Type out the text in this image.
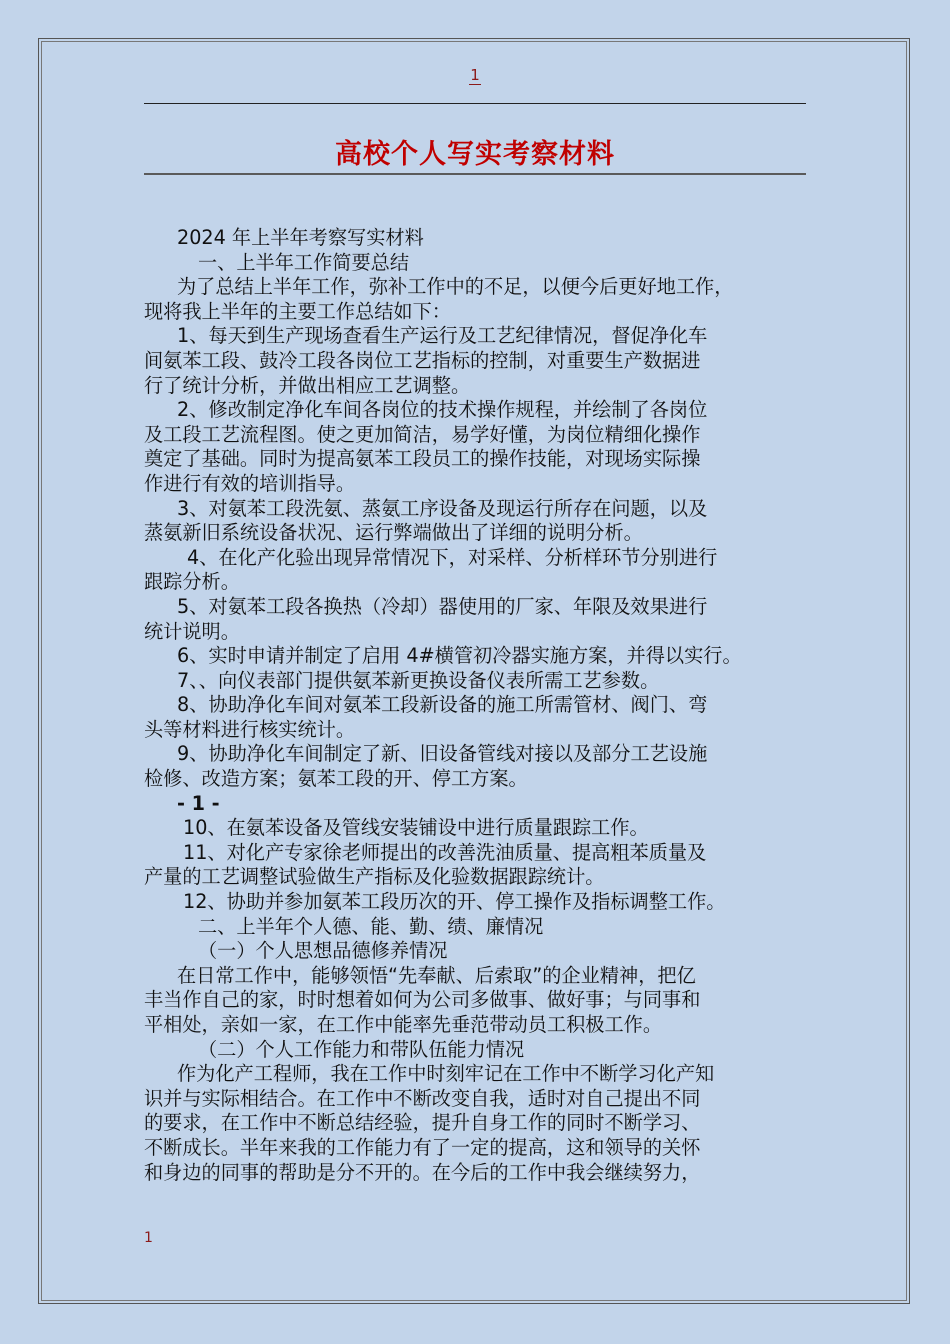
1
高校个人写实考察材料

2024 年上半年考察写实材料

一、上半年工作简要总结

为了总结上半年工作，弥补工作中的不足，以便今后更好地工作，

现将我上半年的主要工作总结如下：

1、每天到生产现场查看生产运行及工艺纪律情况，督促净化车

间氨苯工段、鼓冷工段各岗位工艺指标的控制，对重要生产数据进

行了统计分析，并做出相应工艺调整。

2、修改制定净化车间各岗位的技术操作规程，并绘制了各岗位

及工段工艺流程图。使之更加简洁，易学好懂，为岗位精细化操作

奠定了基础。同时为提高氨苯工段员工的操作技能，对现场实际操

作进行有效的培训指导。

3、对氨苯工段洗氨、蒸氨工序设备及现运行所存在问题，以及

蒸氨新旧系统设备状况、运行弊端做出了详细的说明分析。

4、在化产化验出现异常情况下，对采样、分析样环节分别进行

跟踪分析。

5、对氨苯工段各换热（冷却）器使用的厂家、年限及效果进行

统计说明。

6、实时申请并制定了启用 4#横管初冷器实施方案，并得以实行。

7、、向仪表部门提供氨苯新更换设备仪表所需工艺参数。

8、协助净化车间对氨苯工段新设备的施工所需管材、阀门、弯

头等材料进行核实统计。

9、协助净化车间制定了新、旧设备管线对接以及部分工艺设施

检修、改造方案；氨苯工段的开、停工方案。

- 1 -

10、在氨苯设备及管线安装铺设中进行质量跟踪工作。

11、对化产专家徐老师提出的改善洗油质量、提高粗苯质量及

产量的工艺调整试验做生产指标及化验数据跟踪统计。

12、协助并参加氨苯工段历次的开、停工操作及指标调整工作。

二、上半年个人德、能、勤、绩、廉情况

（一）个人思想品德修养情况

在日常工作中，能够领悟“先奉献、后索取”的企业精神，把亿

丰当作自己的家，时时想着如何为公司多做事、做好事；与同事和

平相处，亲如一家，在工作中能率先垂范带动员工积极工作。

（二）个人工作能力和带队伍能力情况

作为化产工程师，我在工作中时刻牢记在工作中不断学习化产知

识并与实际相结合。在工作中不断改变自我，适时对自己提出不同

的要求，在工作中不断总结经验，提升自身工作的同时不断学习、

不断成长。半年来我的工作能力有了一定的提高，这和领导的关怀

和身边的同事的帮助是分不开的。在今后的工作中我会继续努力，

1
